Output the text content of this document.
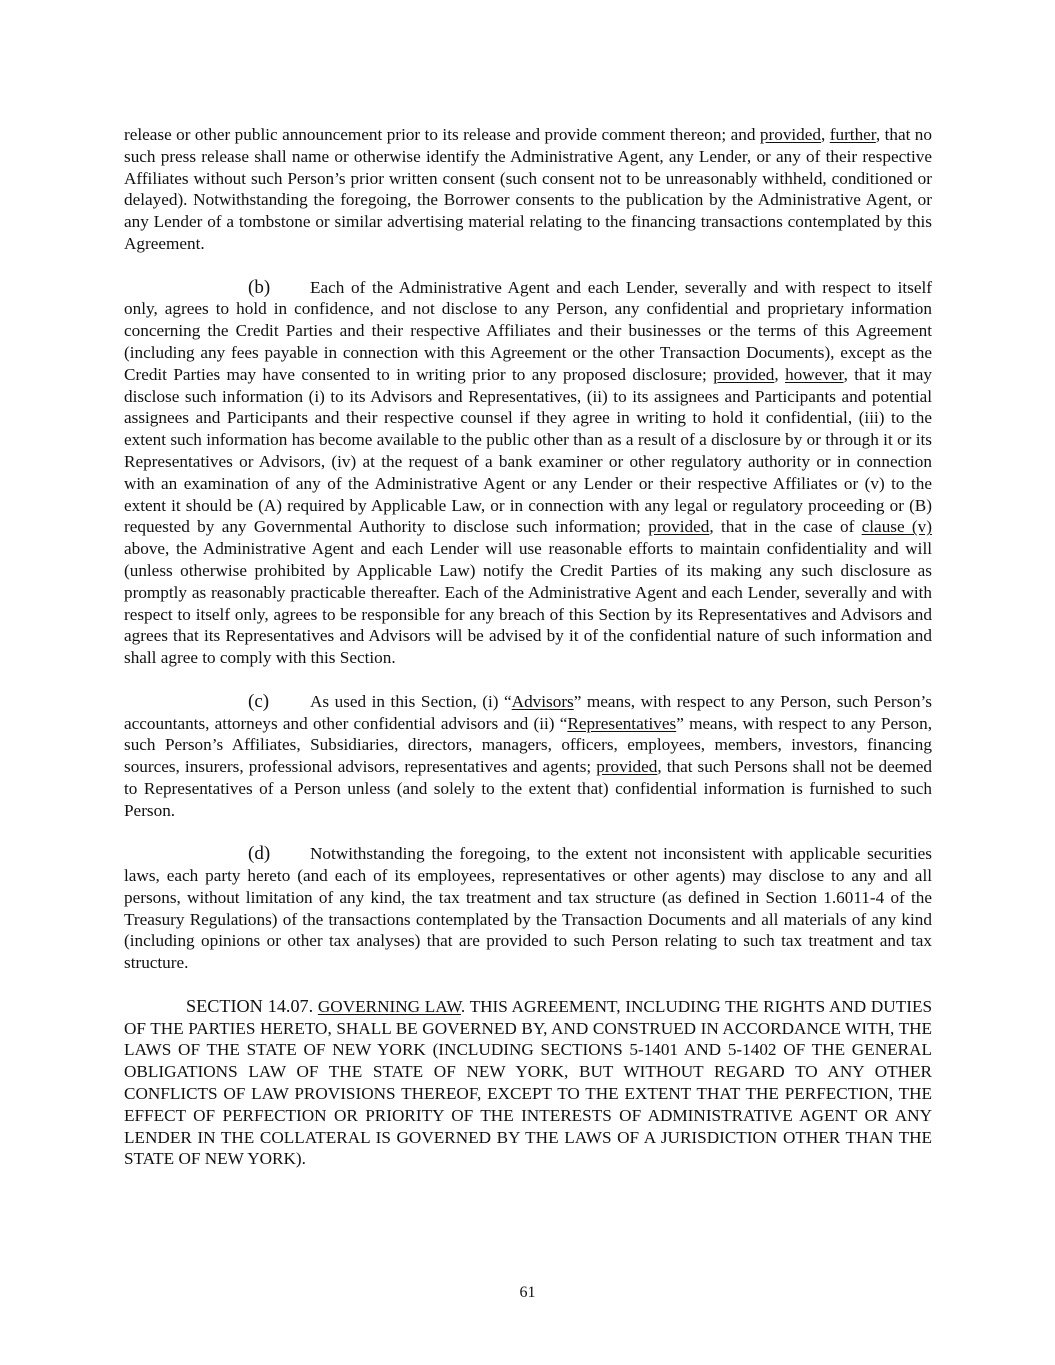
release or other public announcement prior to its release and provide comment thereon; and provided, further, that no such press release shall name or otherwise identify the Administrative Agent, any Lender, or any of their respective Affiliates without such Person’s prior written consent (such consent not to be unreasonably withheld, conditioned or delayed). Notwithstanding the foregoing, the Borrower consents to the publication by the Administrative Agent, or any Lender of a tombstone or similar advertising material relating to the financing transactions contemplated by this Agreement.

(b) Each of the Administrative Agent and each Lender, severally and with respect to itself only, agrees to hold in confidence, and not disclose to any Person, any confidential and proprietary information concerning the Credit Parties and their respective Affiliates and their businesses or the terms of this Agreement (including any fees payable in connection with this Agreement or the other Transaction Documents), except as the Credit Parties may have consented to in writing prior to any proposed disclosure; provided, however, that it may disclose such information (i) to its Advisors and Representatives, (ii) to its assignees and Participants and potential assignees and Participants and their respective counsel if they agree in writing to hold it confidential, (iii) to the extent such information has become available to the public other than as a result of a disclosure by or through it or its Representatives or Advisors, (iv) at the request of a bank examiner or other regulatory authority or in connection with an examination of any of the Administrative Agent or any Lender or their respective Affiliates or (v) to the extent it should be (A) required by Applicable Law, or in connection with any legal or regulatory proceeding or (B) requested by any Governmental Authority to disclose such information; provided, that in the case of clause (v) above, the Administrative Agent and each Lender will use reasonable efforts to maintain confidentiality and will (unless otherwise prohibited by Applicable Law) notify the Credit Parties of its making any such disclosure as promptly as reasonably practicable thereafter. Each of the Administrative Agent and each Lender, severally and with respect to itself only, agrees to be responsible for any breach of this Section by its Representatives and Advisors and agrees that its Representatives and Advisors will be advised by it of the confidential nature of such information and shall agree to comply with this Section.

(c) As used in this Section, (i) “Advisors” means, with respect to any Person, such Person’s accountants, attorneys and other confidential advisors and (ii) “Representatives” means, with respect to any Person, such Person’s Affiliates, Subsidiaries, directors, managers, officers, employees, members, investors, financing sources, insurers, professional advisors, representatives and agents; provided, that such Persons shall not be deemed to Representatives of a Person unless (and solely to the extent that) confidential information is furnished to such Person.

(d) Notwithstanding the foregoing, to the extent not inconsistent with applicable securities laws, each party hereto (and each of its employees, representatives or other agents) may disclose to any and all persons, without limitation of any kind, the tax treatment and tax structure (as defined in Section 1.6011-4 of the Treasury Regulations) of the transactions contemplated by the Transaction Documents and all materials of any kind (including opinions or other tax analyses) that are provided to such Person relating to such tax treatment and tax structure.

SECTION 14.07. GOVERNING LAW. THIS AGREEMENT, INCLUDING THE RIGHTS AND DUTIES OF THE PARTIES HERETO, SHALL BE GOVERNED BY, AND CONSTRUED IN ACCORDANCE WITH, THE LAWS OF THE STATE OF NEW YORK (INCLUDING SECTIONS 5-1401 AND 5-1402 OF THE GENERAL OBLIGATIONS LAW OF THE STATE OF NEW YORK, BUT WITHOUT REGARD TO ANY OTHER CONFLICTS OF LAW PROVISIONS THEREOF, EXCEPT TO THE EXTENT THAT THE PERFECTION, THE EFFECT OF PERFECTION OR PRIORITY OF THE INTERESTS OF ADMINISTRATIVE AGENT OR ANY LENDER IN THE COLLATERAL IS GOVERNED BY THE LAWS OF A JURISDICTION OTHER THAN THE STATE OF NEW YORK).

61
